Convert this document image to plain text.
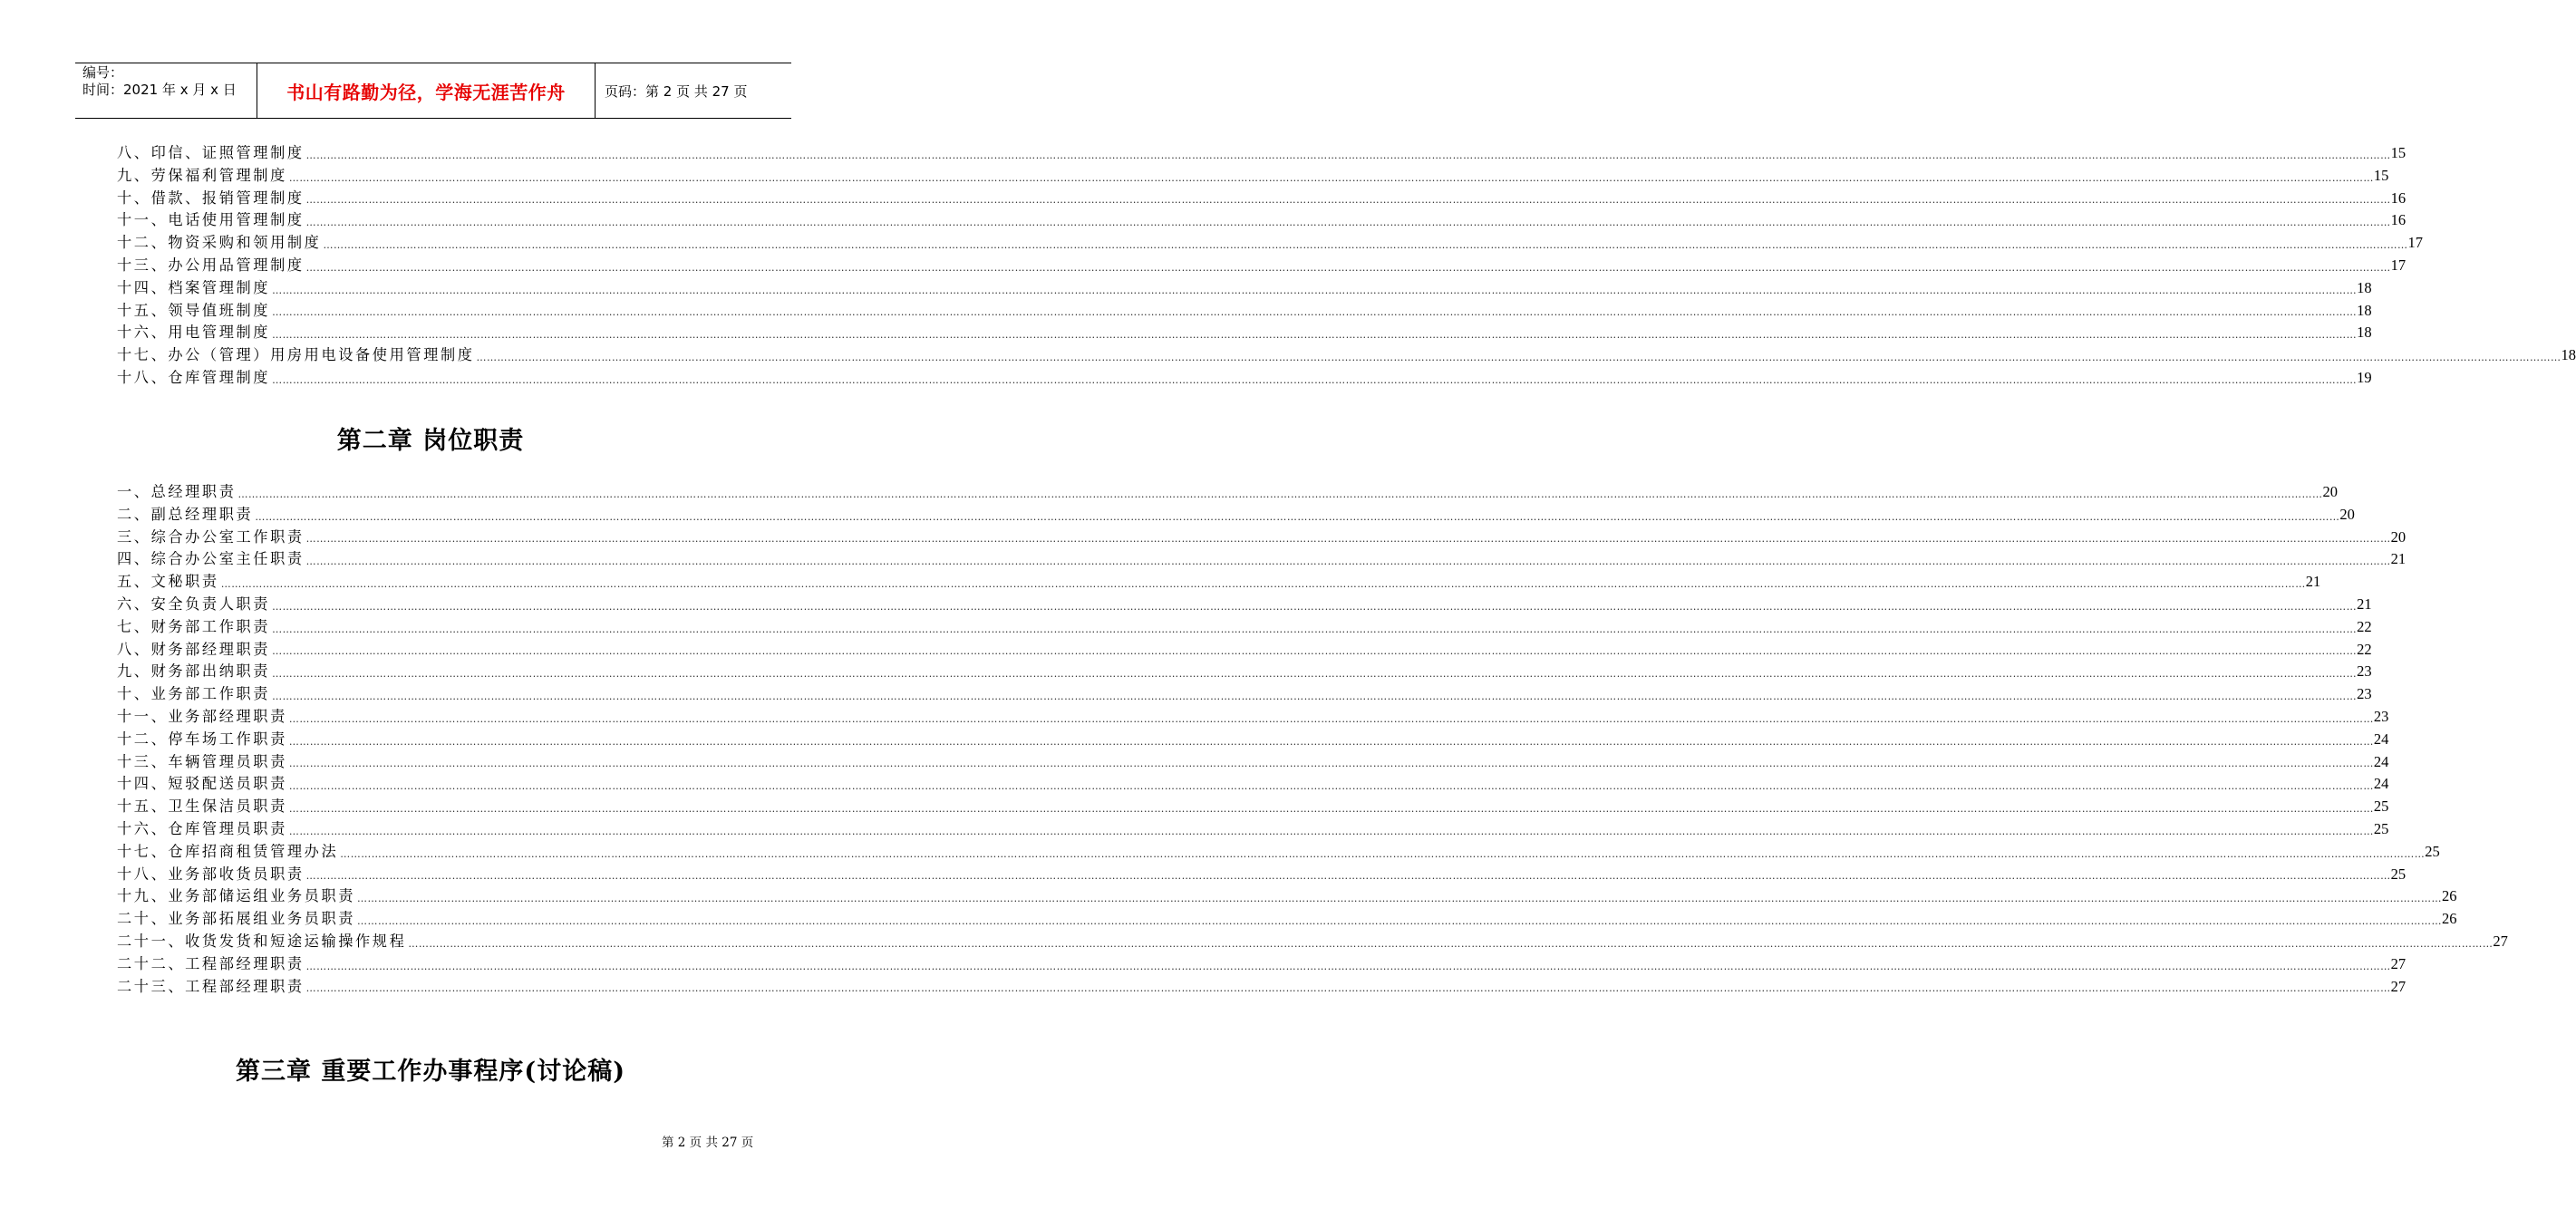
编号：
时间：2021 年 x 月 x 日	书山有路勤为径，学海无涯苦作舟	页码：第 2 页 共 27 页
八、印信、证照管理制度 …………………………………………………………………………………………………………………………………………………………………………………………………………………………………………………………………………………………………………………………………………………………………………………………………………………………………………………………………………………………………………………………………………………… 15
九、劳保福利管理制度 …………………………………………………………………………………………………………………………………………………………………………………………………………………………………………………………………………………………………………………………………………………………………………………………………………………………………………………………………………………………………………………………………………………… 15
十、借款、报销管理制度 …………………………………………………………………………………………………………………………………………………………………………………………………………………………………………………………………………………………………………………………………………………………………………………………………………………………………………………………………………………………………………………………………………………… 16
十一、电话使用管理制度 …………………………………………………………………………………………………………………………………………………………………………………………………………………………………………………………………………………………………………………………………………………………………………………………………………………………………………………………………………………………………………………………………………………… 16
十二、物资采购和领用制度 …………………………………………………………………………………………………………………………………………………………………………………………………………………………………………………………………………………………………………………………………………………………………………………………………………………………………………………………………………………………………………………………………………………… 17
十三、办公用品管理制度 …………………………………………………………………………………………………………………………………………………………………………………………………………………………………………………………………………………………………………………………………………………………………………………………………………………………………………………………………………………………………………………………………………………… 17
十四、档案管理制度 …………………………………………………………………………………………………………………………………………………………………………………………………………………………………………………………………………………………………………………………………………………………………………………………………………………………………………………………………………………………………………………………………………………… 18
十五、领导值班制度 …………………………………………………………………………………………………………………………………………………………………………………………………………………………………………………………………………………………………………………………………………………………………………………………………………………………………………………………………………………………………………………………………………………… 18
十六、用电管理制度 …………………………………………………………………………………………………………………………………………………………………………………………………………………………………………………………………………………………………………………………………………………………………………………………………………………………………………………………………………………………………………………………………………………… 18
十七、办公（管理）用房用电设备使用管理制度 …………………………………………………………………………………………………………………………………………………………………………………………………………………………………………………………………………………………………………………………………………………………………………………………………………………………………………………………………………………………………………………………………………………… 18
十八、仓库管理制度 …………………………………………………………………………………………………………………………………………………………………………………………………………………………………………………………………………………………………………………………………………………………………………………………………………………………………………………………………………………………………………………………………………………… 19
第二章 岗位职责
一、总经理职责 …………………………………………………………………………………………………………………………………………………………………………………………………………………………………………………………………………………………………………………………………………………………………………………………………………………………………………………………………………………………………………………………………………………… 20
二、副总经理职责 …………………………………………………………………………………………………………………………………………………………………………………………………………………………………………………………………………………………………………………………………………………………………………………………………………………………………………………………………………………………………………………………………………………… 20
三、综合办公室工作职责 …………………………………………………………………………………………………………………………………………………………………………………………………………………………………………………………………………………………………………………………………………………………………………………………………………………………………………………………………………………………………………………………………………………… 20
四、综合办公室主任职责 …………………………………………………………………………………………………………………………………………………………………………………………………………………………………………………………………………………………………………………………………………………………………………………………………………………………………………………………………………………………………………………………………………………… 21
五、文秘职责 …………………………………………………………………………………………………………………………………………………………………………………………………………………………………………………………………………………………………………………………………………………………………………………………………………………………………………………………………………………………………………………………………………………… 21
六、安全负责人职责 …………………………………………………………………………………………………………………………………………………………………………………………………………………………………………………………………………………………………………………………………………………………………………………………………………………………………………………………………………………………………………………………………………………… 21
七、财务部工作职责 …………………………………………………………………………………………………………………………………………………………………………………………………………………………………………………………………………………………………………………………………………………………………………………………………………………………………………………………………………………………………………………………………………………… 22
八、财务部经理职责 …………………………………………………………………………………………………………………………………………………………………………………………………………………………………………………………………………………………………………………………………………………………………………………………………………………………………………………………………………………………………………………………………………………… 22
九、财务部出纳职责 …………………………………………………………………………………………………………………………………………………………………………………………………………………………………………………………………………………………………………………………………………………………………………………………………………………………………………………………………………………………………………………………………………………… 23
十、业务部工作职责 …………………………………………………………………………………………………………………………………………………………………………………………………………………………………………………………………………………………………………………………………………………………………………………………………………………………………………………………………………………………………………………………………………………… 23
十一、业务部经理职责 …………………………………………………………………………………………………………………………………………………………………………………………………………………………………………………………………………………………………………………………………………………………………………………………………………………………………………………………………………………………………………………………………………………… 23
十二、停车场工作职责 …………………………………………………………………………………………………………………………………………………………………………………………………………………………………………………………………………………………………………………………………………………………………………………………………………………………………………………………………………………………………………………………………………………… 24
十三、车辆管理员职责 …………………………………………………………………………………………………………………………………………………………………………………………………………………………………………………………………………………………………………………………………………………………………………………………………………………………………………………………………………………………………………………………………………………… 24
十四、短驳配送员职责 …………………………………………………………………………………………………………………………………………………………………………………………………………………………………………………………………………………………………………………………………………………………………………………………………………………………………………………………………………………………………………………………………………………… 24
十五、卫生保洁员职责 …………………………………………………………………………………………………………………………………………………………………………………………………………………………………………………………………………………………………………………………………………………………………………………………………………………………………………………………………………………………………………………………………………………… 25
十六、仓库管理员职责 …………………………………………………………………………………………………………………………………………………………………………………………………………………………………………………………………………………………………………………………………………………………………………………………………………………………………………………………………………………………………………………………………………………… 25
十七、仓库招商租赁管理办法 …………………………………………………………………………………………………………………………………………………………………………………………………………………………………………………………………………………………………………………………………………………………………………………………………………………………………………………………………………………………………………………………………………………… 25
十八、业务部收货员职责 …………………………………………………………………………………………………………………………………………………………………………………………………………………………………………………………………………………………………………………………………………………………………………………………………………………………………………………………………………………………………………………………………………………… 25
十九、业务部储运组业务员职责 …………………………………………………………………………………………………………………………………………………………………………………………………………………………………………………………………………………………………………………………………………………………………………………………………………………………………………………………………………………………………………………………………………………… 26
二十、业务部拓展组业务员职责 …………………………………………………………………………………………………………………………………………………………………………………………………………………………………………………………………………………………………………………………………………………………………………………………………………………………………………………………………………………………………………………………………………………… 26
二十一、收货发货和短途运输操作规程 …………………………………………………………………………………………………………………………………………………………………………………………………………………………………………………………………………………………………………………………………………………………………………………………………………………………………………………………………………………………………………………………………………………… 27
二十二、工程部经理职责 …………………………………………………………………………………………………………………………………………………………………………………………………………………………………………………………………………………………………………………………………………………………………………………………………………………………………………………………………………………………………………………………………………………… 27
二十三、工程部经理职责 …………………………………………………………………………………………………………………………………………………………………………………………………………………………………………………………………………………………………………………………………………………………………………………………………………………………………………………………………………………………………………………………………………………… 27
第三章 重要工作办事程序(讨论稿)
第 2 页 共 27 页
